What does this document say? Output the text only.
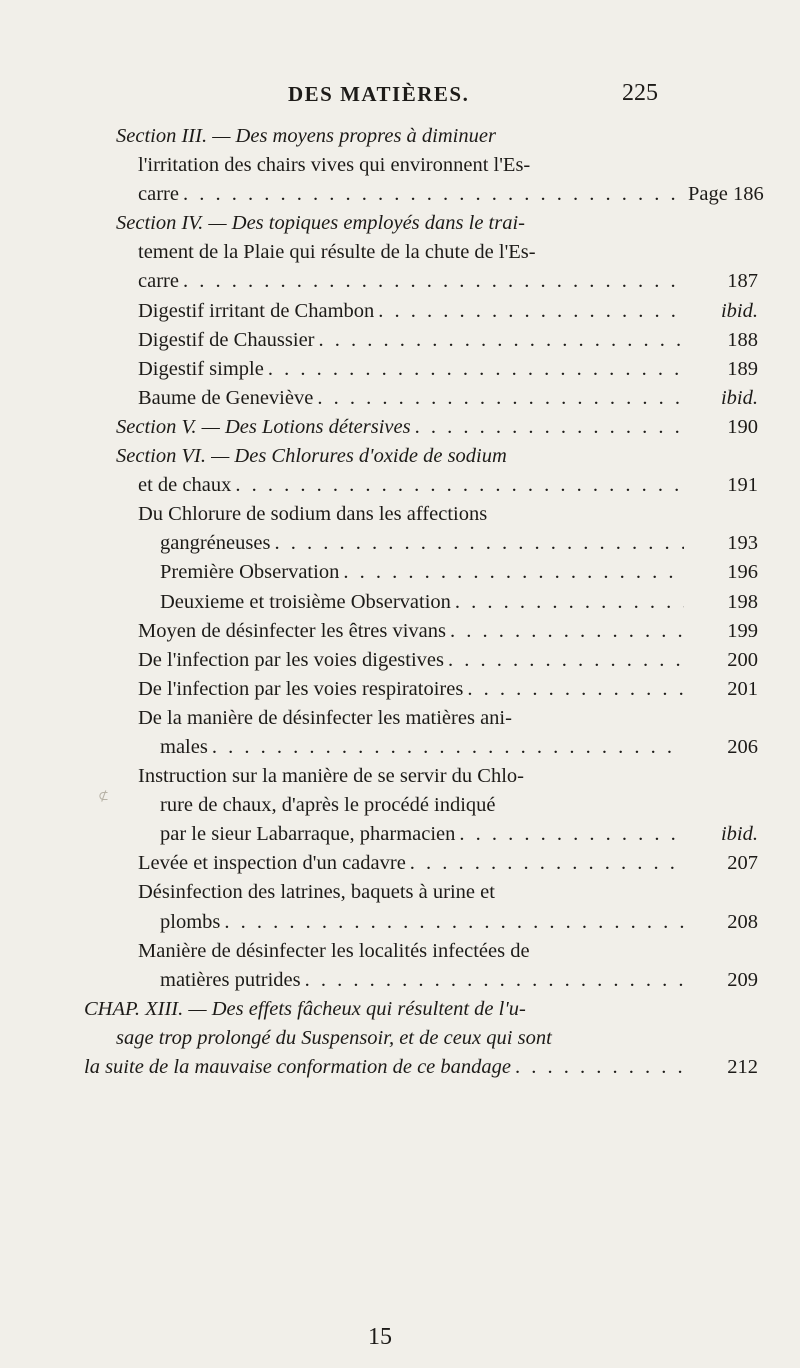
DES MATIÈRES.	225
⊄
Section III. — Des moyens propres à diminuer
l'irritation des chairs vives qui environnent l'Es-
carre . . .	Page 186
Section IV. — Des topiques employés dans le trai-
tement de la Plaie qui résulte de la chute de l'Es-
carre . . .	187
Digestif irritant de Chambon . . .	ibid.
Digestif de Chaussier . . .	188
Digestif simple . . .	189
Baume de Geneviève . . .	ibid.
Section V. — Des Lotions détersives . . .	190
Section VI. — Des Chlorures d'oxide de sodium
et de chaux . . .	191
Du Chlorure de sodium dans les affections
gangréneuses . . .	193
Première Observation . . .	196
Deuxieme et troisième Observation . . .	198
Moyen de désinfecter les êtres vivans . . .	199
De l'infection par les voies digestives . . .	200
De l'infection par les voies respiratoires . . .	201
De la manière de désinfecter les matières ani-
males . . .	206
Instruction sur la manière de se servir du Chlo-
rure de chaux, d'après le procédé indiqué
par le sieur Labarraque, pharmacien . . .	ibid.
Levée et inspection d'un cadavre . . .	207
Désinfection des latrines, baquets à urine et
plombs . . .	208
Manière de désinfecter les localités infectées de
matières putrides . . .	209
CHAP. XIII. — Des effets fâcheux qui résultent de l'u-
sage trop prolongé du Suspensoir, et de ceux qui sont
la suite de la mauvaise conformation de ce bandage . . .	212
15
